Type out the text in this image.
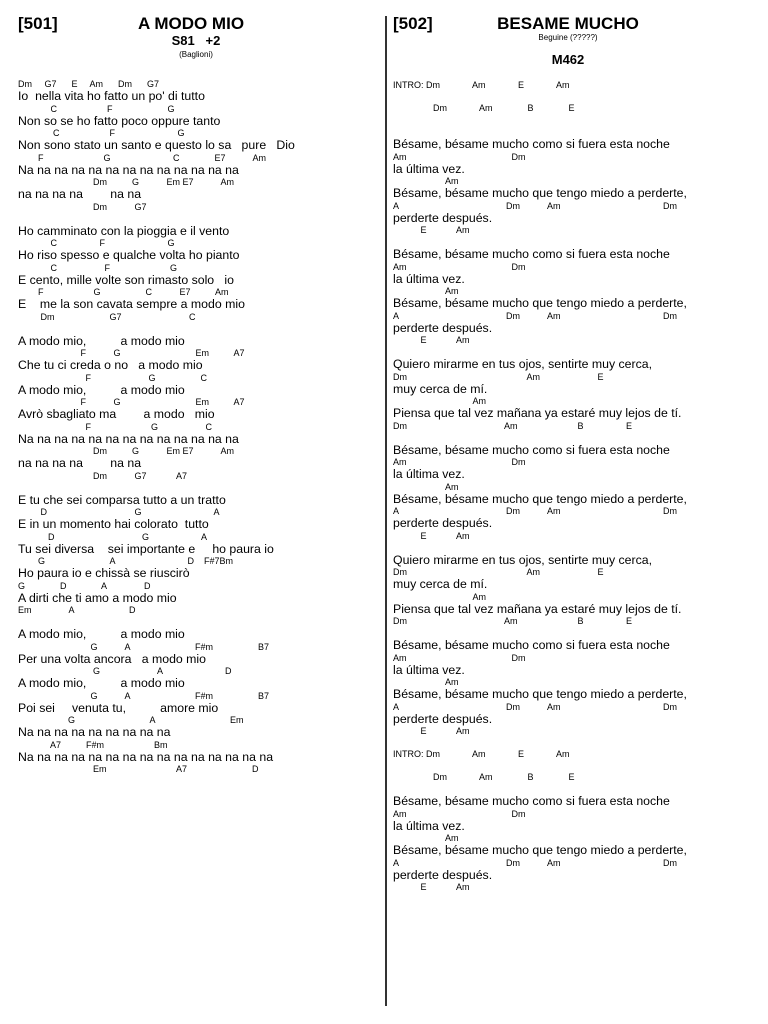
[501]	A MODO MIO
S81   +2
(Baglioni)
Dm     G7      E     Am      Dm      G7
Io  nella vita ho fatto un po' di tutto
C                    F                      G
Non so se ho fatto poco oppure tanto
C                    F                         G
Non sono stato un santo e questo lo sa   pure   Dio
F                        G                         C              E7           Am
Na na na na na na na na na na na na na
Dm          G           Em E7           Am
na na na na        na na
Dm           G7
Ho camminato con la pioggia e il vento
C                 F                         G
Ho riso spesso e qualche volta ho pianto
C                   F                        G
E cento, mille volte son rimasto solo   io
F                    G                  C           E7          Am
E    me la son cavata sempre a modo mio
Dm                      G7                           C
A modo mio,          a modo mio
F           G                              Em          A7
Che tu ci creda o no   a modo mio
F                       G                  C
A modo mio,          a modo mio
F           G                              Em          A7
Avrò sbagliato ma        a modo   mio
F                        G                   C
Na na na na na na na na na na na na na
Dm          G           Em E7           Am
na na na na        na na
Dm           G7            A7
E tu che sei comparsa tutto a un tratto
D                                   G                             A
E in un momento hai colorato  tutto
D                                   G                     A
Tu sei diversa    sei importante e     ho paura io
G                          A                             D    F#7Bm
Ho paura io e chissà se riuscirò
G              D              A               D
A dirti che ti amo a modo mio
Em               A                      D
A modo mio,          a modo mio
G           A                          F#m                  B7
Per una volta ancora   a modo mio
G                       A                         D
A modo mio,          a modo mio
G           A                          F#m                  B7
Poi sei     venuta tu,          amore mio
G                              A                              Em
Na na na na na na na na na
A7          F#m                    Bm
Na na na na na na na na na na na na na na na
Em                            A7                          D
[502]	BESAME MUCHO
Beguine (?????)
M462
INTRO: Dm             Am             E             Am
Dm             Am              B              E
Bésame, bésame mucho como si fuera esta noche
Am                                          Dm
la última vez.
Am
Bésame, bésame mucho que tengo miedo a perderte,
A                                           Dm           Am                                         Dm
perderte después.
E            Am
Bésame, bésame mucho como si fuera esta noche
Am                                          Dm
la última vez.
Am
Bésame, bésame mucho que tengo miedo a perderte,
A                                           Dm           Am                                         Dm
perderte después.
E            Am
Quiero mirarme en tus ojos, sentirte muy cerca,
Dm                                                Am                       E
muy cerca de mí.
Am
Piensa que tal vez mañana ya estaré muy lejos de tí.
Dm                                       Am                        B                 E
Bésame, bésame mucho como si fuera esta noche
Am                                          Dm
la última vez.
Am
Bésame, bésame mucho que tengo miedo a perderte,
A                                           Dm           Am                                         Dm
perderte después.
E            Am
Quiero mirarme en tus ojos, sentirte muy cerca,
Dm                                                Am                       E
muy cerca de mí.
Am
Piensa que tal vez mañana ya estaré muy lejos de tí.
Dm                                       Am                        B                 E
Bésame, bésame mucho como si fuera esta noche
Am                                          Dm
la última vez.
Am
Bésame, bésame mucho que tengo miedo a perderte,
A                                           Dm           Am                                         Dm
perderte después.
E            Am
INTRO: Dm             Am             E             Am
Dm             Am              B              E
Bésame, bésame mucho como si fuera esta noche
Am                                          Dm
la última vez.
Am
Bésame, bésame mucho que tengo miedo a perderte,
A                                           Dm           Am                                         Dm
perderte después.
E            Am
